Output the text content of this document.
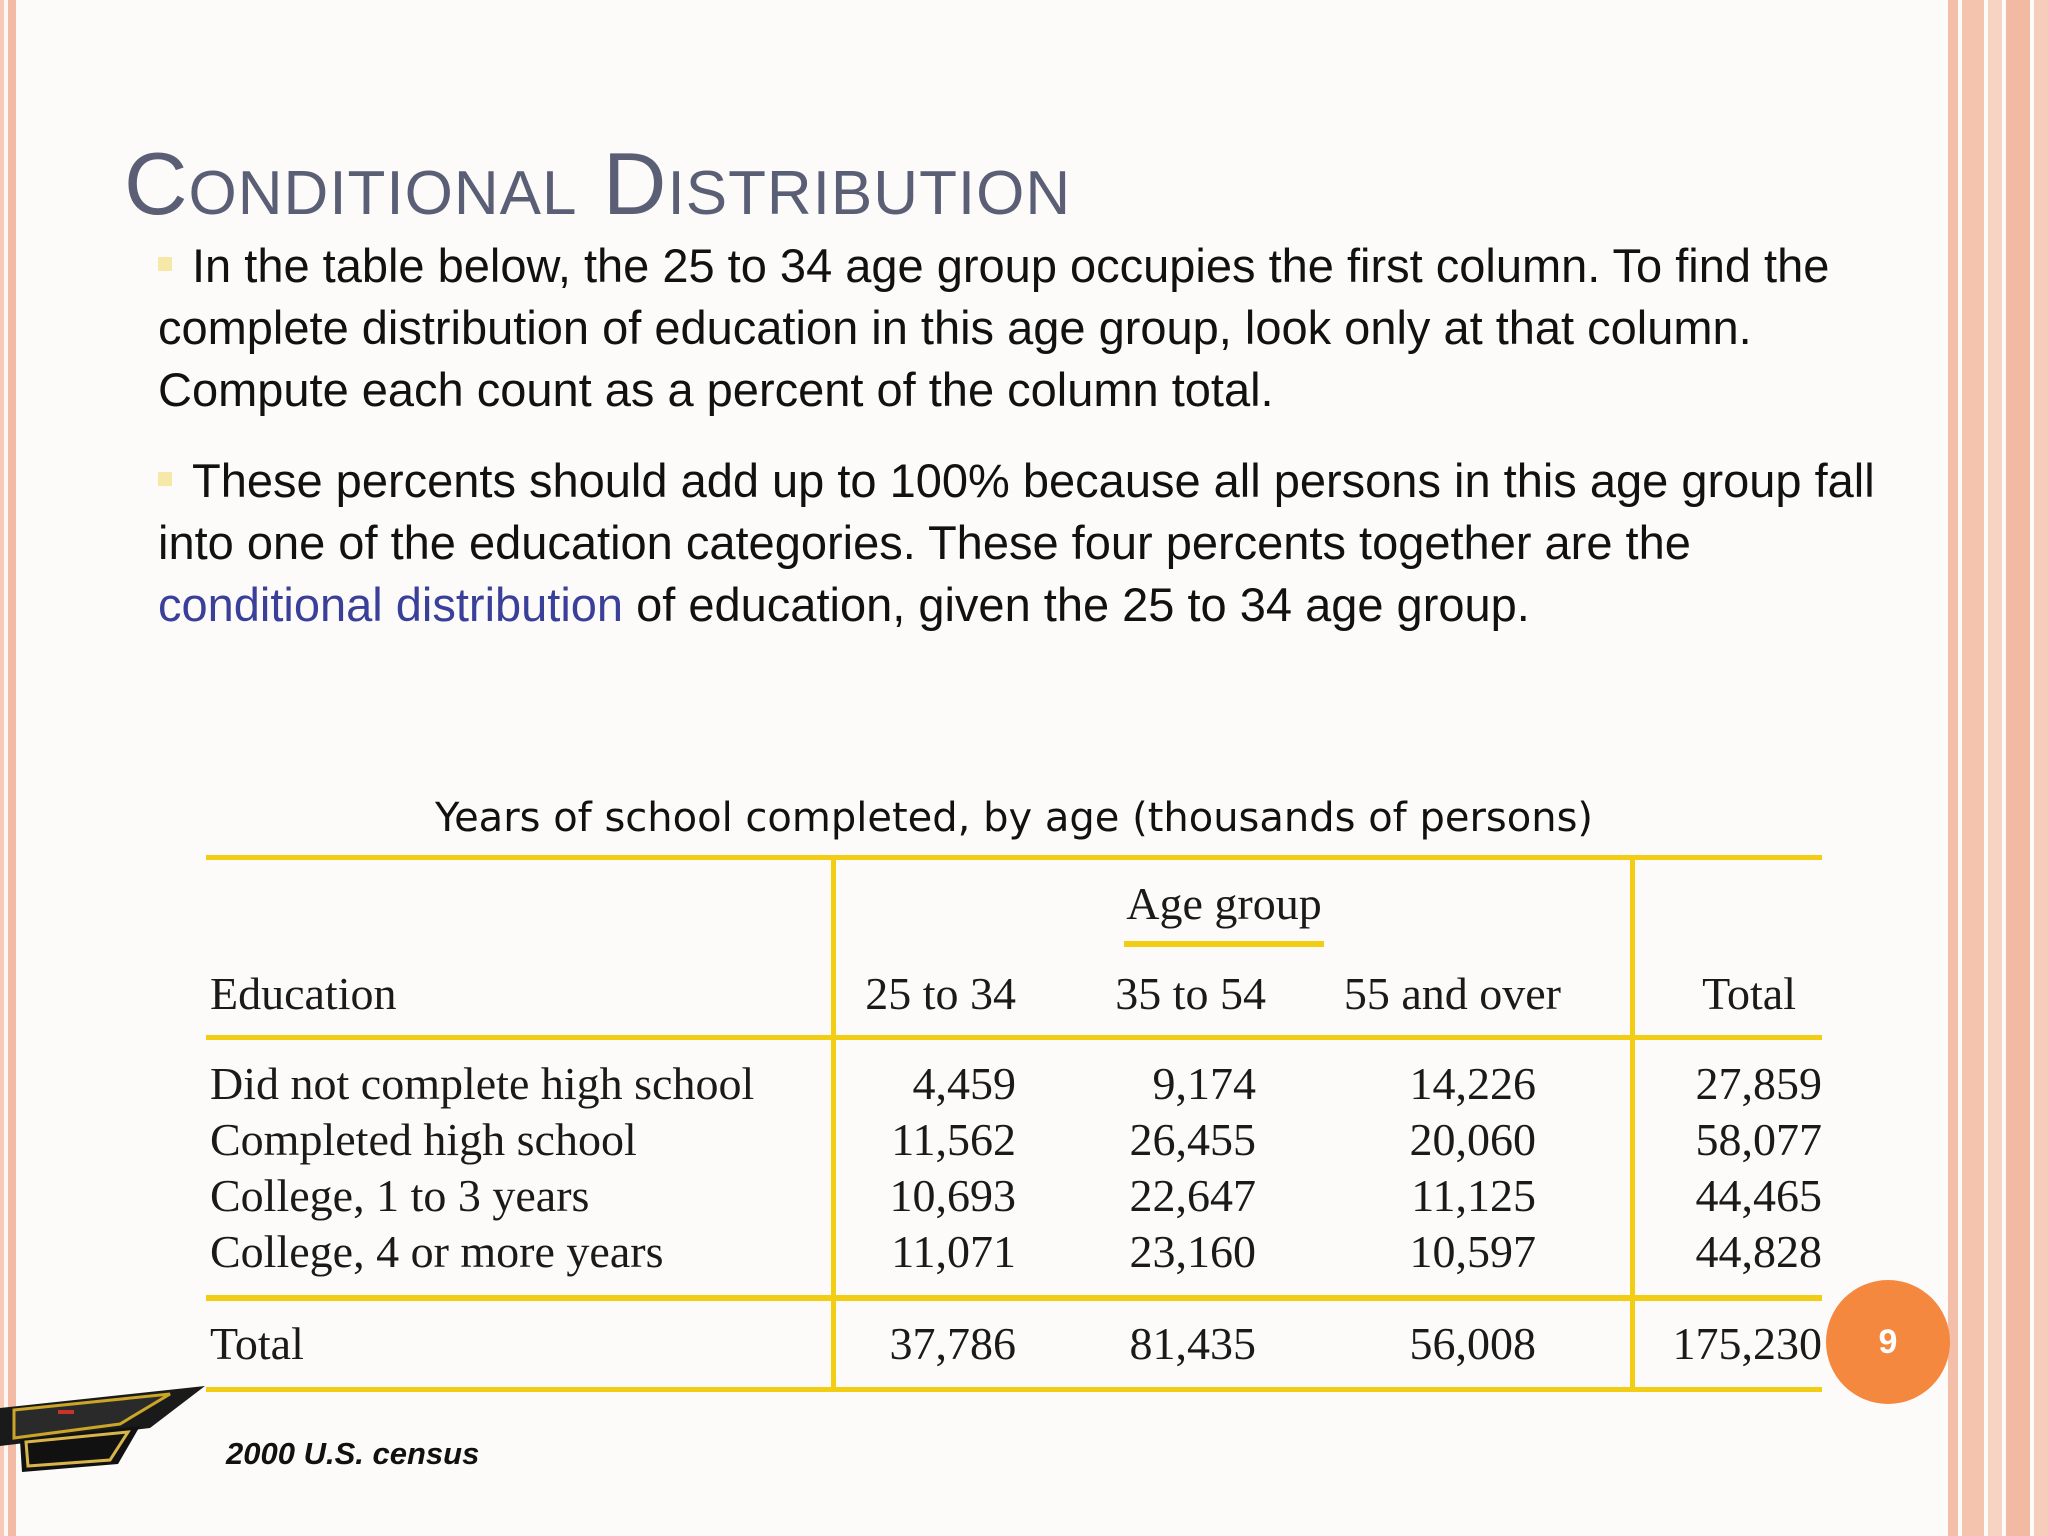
Conditional Distribution
In the table below, the 25 to 34 age group occupies the first column. To find the complete distribution of education in this age group, look only at that column. Compute each count as a percent of the column total.
These percents should add up to 100% because all persons in this age group fall into one of the education categories. These four percents together are the conditional distribution of education, given the 25 to 34 age group.
Years of school completed, by age (thousands of persons)
Age group
Education	25 to 34	35 to 54	55 and over	Total
Did not complete high school	4,459	9,174	14,226	27,859
Completed high school	11,562	26,455	20,060	58,077
College, 1 to 3 years	10,693	22,647	11,125	44,465
College, 4 or more years	11,071	23,160	10,597	44,828
Total	37,786	81,435	56,008	175,230	9
2000 U.S. census
